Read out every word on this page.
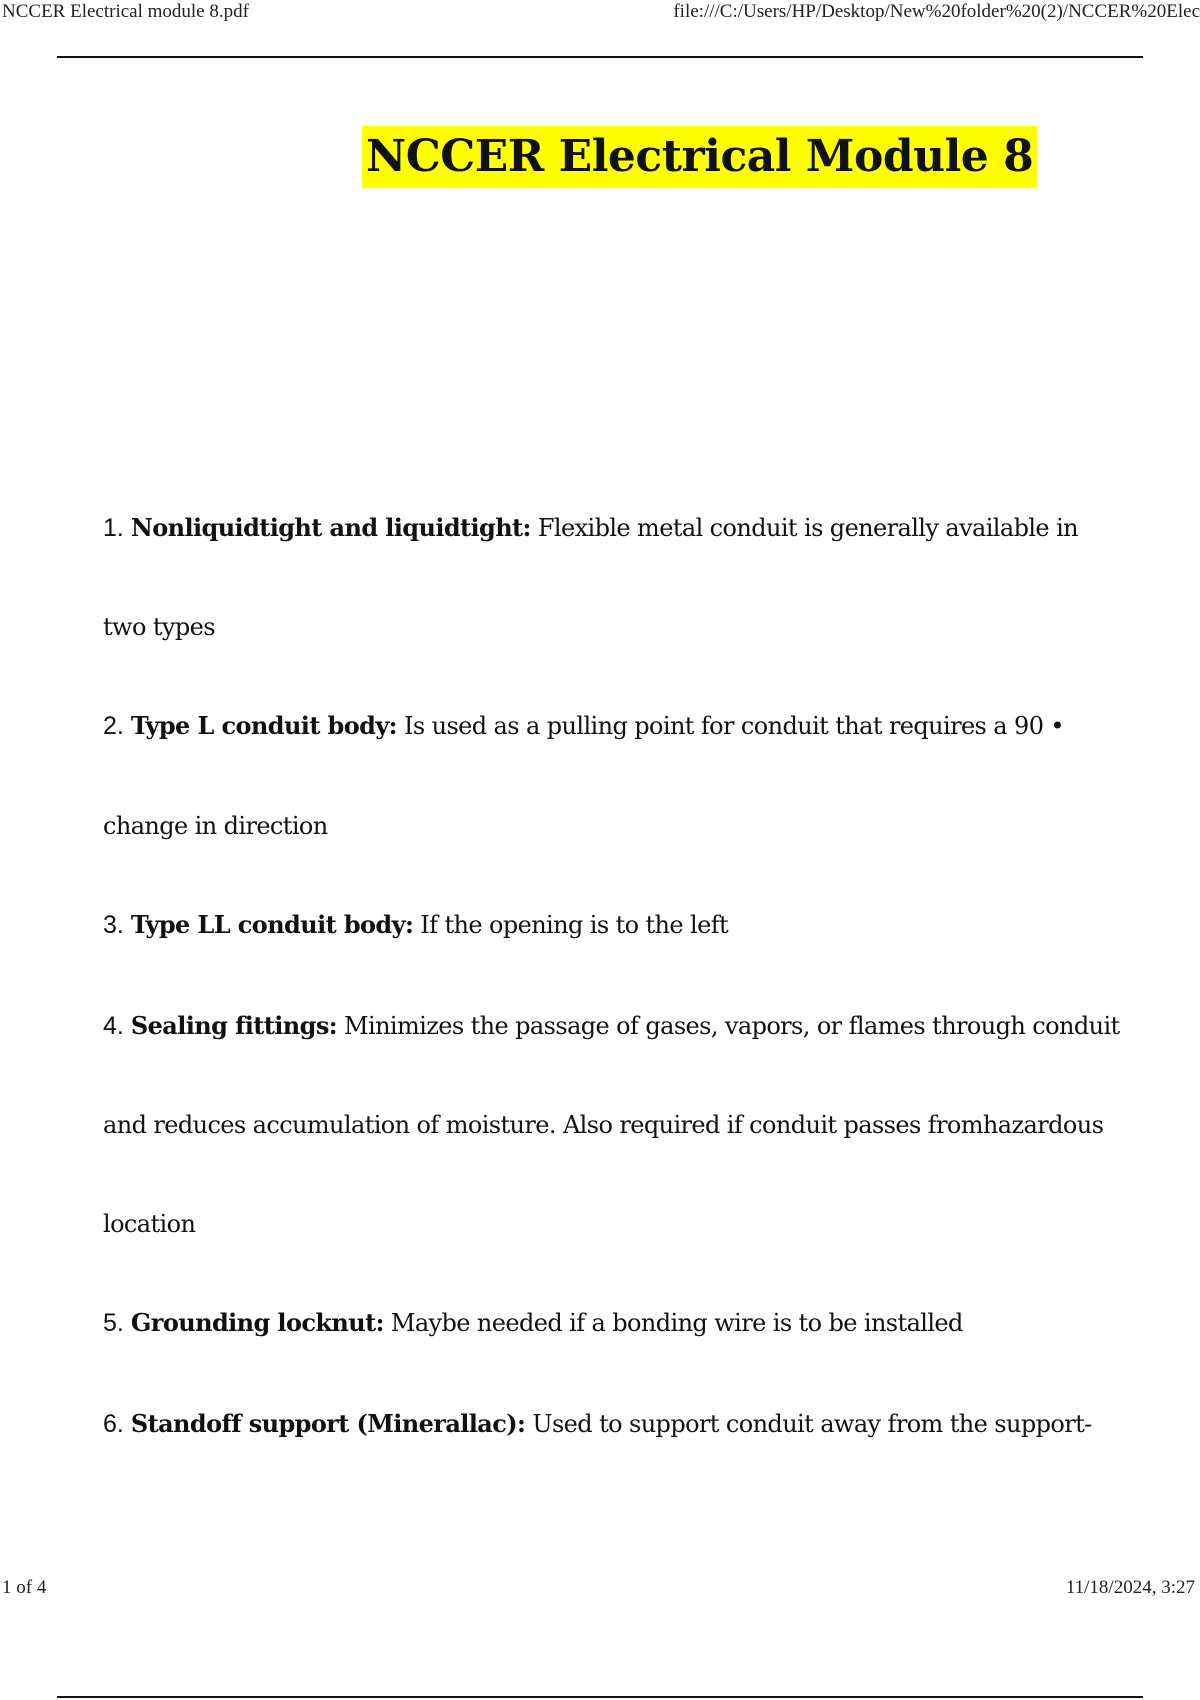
NCCER Electrical module 8.pdf	file:///C:/Users/HP/Desktop/New%20folder%20(2)/NCCER%20Elec
NCCER Electrical Module 8
1. Nonliquidtight and liquidtight: Flexible metal conduit is generally available in
two types
2. Type L conduit body: Is used as a pulling point for conduit that requires a 90 •
change in direction
3. Type LL conduit body: If the opening is to the left
4. Sealing fittings: Minimizes the passage of gases, vapors, or flames through conduit
and reduces accumulation of moisture. Also required if conduit passes fromhazardous
location
5. Grounding locknut: Maybe needed if a bonding wire is to be installed
6. Standoff support (Minerallac): Used to support conduit away from the support-
1 of 4	11/18/2024, 3:27
